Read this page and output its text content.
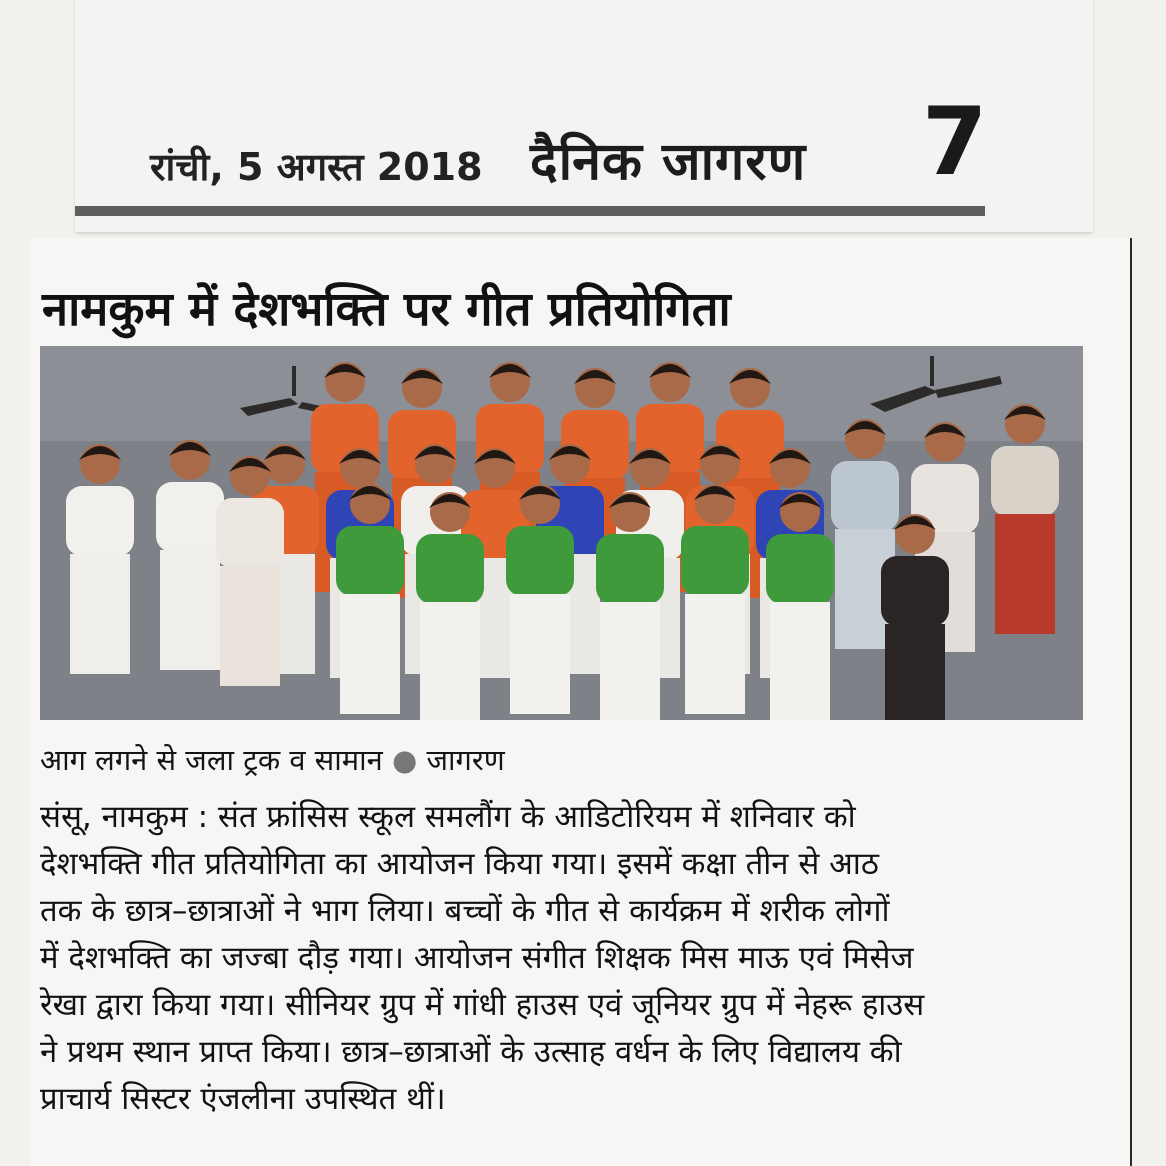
रांची, 5 अगस्त 2018 दैनिक जागरण 7
नामकुम में देशभक्ति पर गीत प्रतियोगिता
आग लगने से जला ट्रक व सामान ● जागरण

संसू, नामकुम : संत फ्रांसिस स्कूल समलौंग के आडिटोरियम में शनिवार को
देशभक्ति गीत प्रतियोगिता का आयोजन किया गया। इसमें कक्षा तीन से आठ
तक के छात्र–छात्राओं ने भाग लिया। बच्चों के गीत से कार्यक्रम में शरीक लोगों
में देशभक्ति का जज्बा दौड़ गया। आयोजन संगीत शिक्षक मिस माऊ एवं मिसेज
रेखा द्वारा किया गया। सीनियर ग्रुप में गांधी हाउस एवं जूनियर ग्रुप में नेहरू हाउस
ने प्रथम स्थान प्राप्त किया। छात्र–छात्राओं के उत्साह वर्धन के लिए विद्यालय की
प्राचार्य सिस्टर एंजलीना उपस्थित थीं।
